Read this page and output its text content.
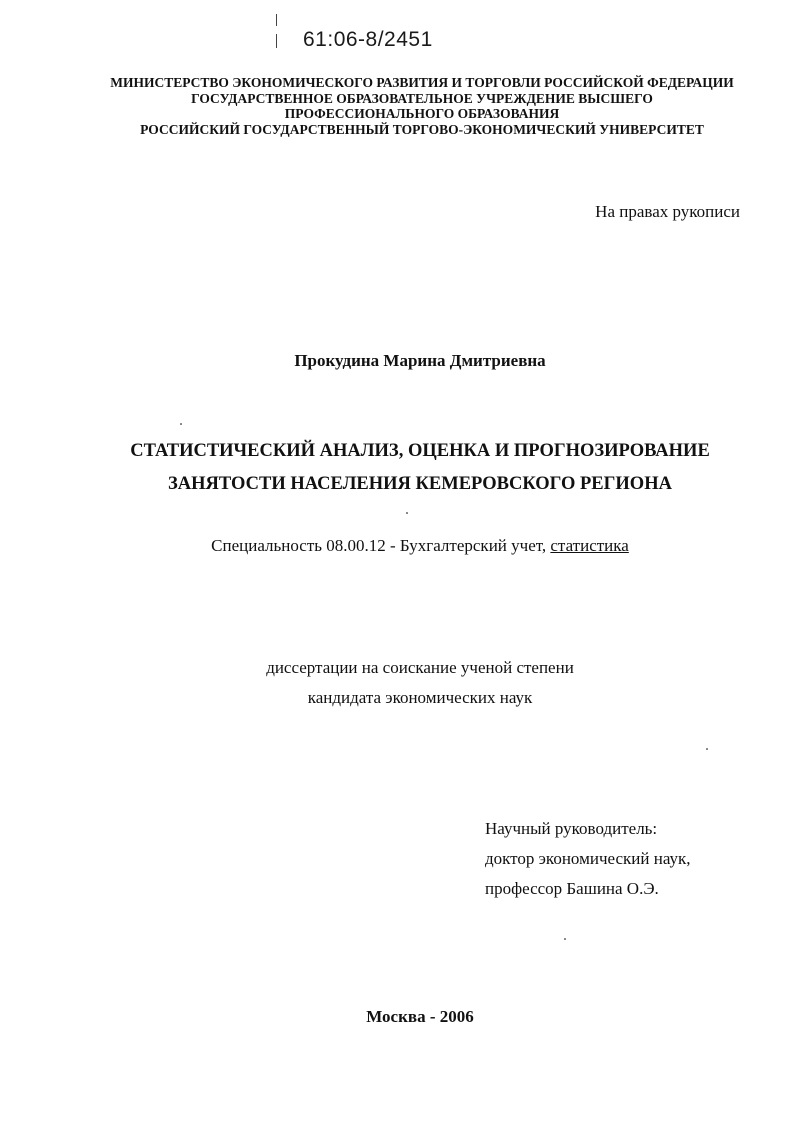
61:06-8/2451
МИНИСТЕРСТВО ЭКОНОМИЧЕСКОГО РАЗВИТИЯ И ТОРГОВЛИ РОССИЙСКОЙ ФЕДЕРАЦИИ
ГОСУДАРСТВЕННОЕ ОБРАЗОВАТЕЛЬНОЕ УЧРЕЖДЕНИЕ ВЫСШЕГО
ПРОФЕССИОНАЛЬНОГО ОБРАЗОВАНИЯ
РОССИЙСКИЙ ГОСУДАРСТВЕННЫЙ ТОРГОВО-ЭКОНОМИЧЕСКИЙ УНИВЕРСИТЕТ
На правах рукописи
Прокудина Марина Дмитриевна
СТАТИСТИЧЕСКИЙ АНАЛИЗ, ОЦЕНКА И ПРОГНОЗИРОВАНИЕ
ЗАНЯТОСТИ НАСЕЛЕНИЯ КЕМЕРОВСКОГО РЕГИОНА
Специальность 08.00.12 - Бухгалтерский учет, статистика
диссертации на соискание ученой степени
кандидата экономических наук
Научный руководитель:
доктор экономический наук,
профессор Башина О.Э.
Москва - 2006
